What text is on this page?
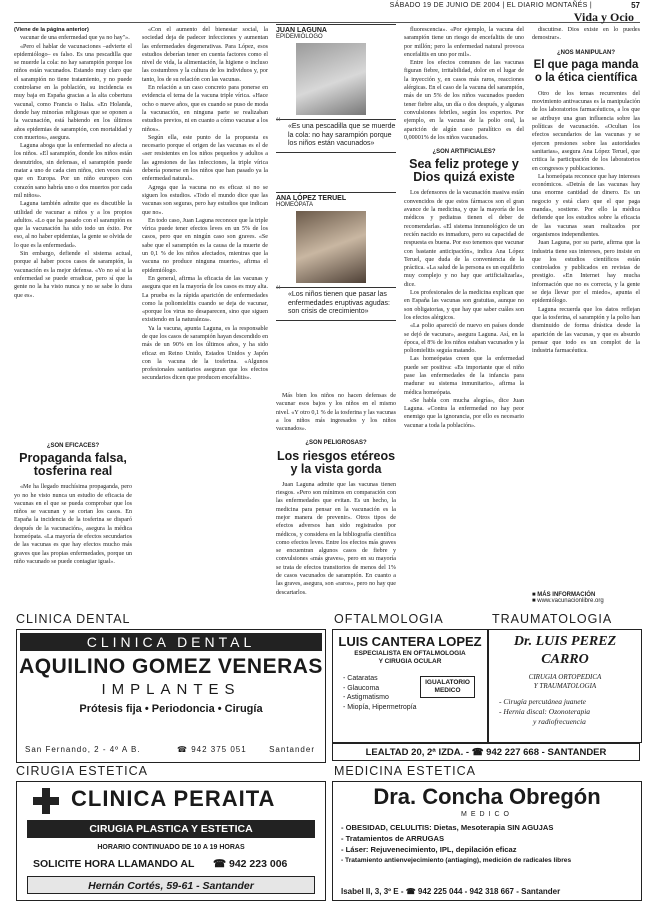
SÁBADO 19 DE JUNIO DE 2004 | EL DIARIO MONTAÑÉS |	57
Vida y Ocio
(Viene de la página anterior)

vacunar de una enfermedad que ya no hay"».

«Pero el hablar de vacunaciones –advierte el epidemiólogo– es falso. Es una pescadilla que se muerde la cola: no hay sarampión porque los niños están vacunados. Estando muy claro que el sarampión no tiene tratamiento, y no puede controlarse en la población, su incidencia es muy baja en España gracias a la alta cobertura vacunal, como Francia o Italia. «En Holanda, donde hay minorías religiosas que se oponen a la vacunación, está habiendo en los últimos años epidemias de sarampión, con mortalidad y con muertos», asegura.

Laguna aboga que la enfermedad no afecta a los niños. «El sarampión, donde los niños están desnutridos, sin defensas, el sarampión puede matar a uno de cada cien niños, cien veces más que en Europa. Por un niño europeo con corazón sano habría uno o dos muertos por cada mil niños».

Laguna también admite que es discutible la utilidad de vacunar a niños y a los propios adultos. «Lo que ha pasado con el sarampión es que la vacunación ha sido todo un éxito. Por eso, al no haber epidemias, la gente se olvida de lo que es la enfermedad».

Sin embargo, defiende el sistema actual, porque al haber pocos casos de sarampión, la vacunación es la mejor defensa. «Yo no sé si la enfermedad se puede erradicar, pero sí que la gente no la ha visto nunca y no se sabe lo dura que es».

¿SON EFICACES?
Propaganda falsa, tosferina real

«Me ha llegado muchísima propaganda, pero yo no he visto nunca un estudio de eficacia de vacunas en el que se pueda comprobar que los niños se vacunan y se cortan los casos. En España la incidencia de la tosferina se disparó después de la vacunación», asegura la médica homeópata. «La mayoría de efectos secundarios de las vacunas es que hay efectos mucho más graves que las propias enfermedades, porque un niño vacunado se puede contagiar igual».

«Con el aumento del bienestar social, la sociedad deja de padecer infecciones y aumentan las enfermedades degenerativas. Para López, esos estudios deberían tener en cuenta factores como el nivel de vida, la alimentación, la higiene o incluso las costumbres y la cultura de los individuos y, por tanto, los de su relación con las vacunas.

En relación a un caso concreto para ponerse en evidencia el tema de la vacuna triple vírica. «Hace ocho o nueve años, que es cuando se puso de moda la vacunación, en ninguna parte se realizaban estudios previos, ni en cuanto a cómo vacunar a los niños».

Según ella, este punto de la propuesta es necesario porque el origen de las vacunas es el de «ser resistentes en los niños pequeños y adultos a las agresiones de las infecciones, la triple vírica debería ponerse en los niños que han pasado ya la enfermedad natural».

Agrega que la vacuna no es eficaz si no se siguen los estudios. «Todo el mundo dice que las vacunas son seguras, pero hay estudios que indican que no».

En todo caso, Juan Laguna reconoce que la triple vírica puede tener efectos leves en un 5% de los casos, pero que en ningún caso son graves. «Se sabe que el sarampión es la causa de la muerte de un 0,1 % de los niños afectados, mientras que la vacuna no produce ninguna muerte», afirma el epidemiólogo.

En general, afirma la eficacia de las vacunas y asegura que en la mayoría de los casos es muy alta. La prueba es la rápida aparición de enfermedades como la poliomielitis cuando se deja de vacunar, «porque los virus no desaparecen, sino que siguen existiendo en la naturaleza».

Ya la vacuna, apunta Laguna, es la responsable de que los casos de sarampión hayan descendido en más de un 90% en los últimos años, y ha sido eficaz en Reino Unido, Estados Unidos y Japón con la vacuna de la tosferina. «Algunos profesionales sanitarios aseguran que los efectos secundarios dicen que producen encefalitis».

JUAN LAGUNA
EPIDEMIÓLOGO
“ «Es una pescadilla que se muerde la cola: no hay sarampión porque los niños están vacunados»
ANA LÓPEZ TERUEL
HOMEÓPATA
“ «Los niños tienen que pasar las enfermedades eruptivas agudas: son crisis de crecimiento»

Más bien los niños no hacen defensas de vacunar esos bajos y los niños en el mismo nivel. «Y otro 0,1 % de la tosferina y las vacunas a los niños más ingresados y los niños vacunados».

¿SON PELIGROSAS?
Los riesgos etéreos y la vista gorda

Juan Laguna admite que las vacunas tienen riesgos. «Pero son mínimos en comparación con las enfermedades que evitan. Es un hecho, la medicina para pensar en la vacunación es la mejor manera de prevenir». Otros tipos de efectos adversos han sido registrados por médicos, y considera en la bibliografía científica como efectos leves. Entre los efectos más graves se encuentran algunos casos de fiebre y convulsiones «más graves», pero en su mayoría se trata de efectos transitorios de menos del 1% de casos vacunados de sarampión. En cuanto a las graves, asegura, son «raros», pero no hay que descartarlos.

fluorescencia». «Por ejemplo, la vacuna del sarampión tiene un riesgo de encefalitis de uno por millón; pero la enfermedad natural provoca encefalitis en uno por mil».

Entre los efectos comunes de las vacunas figuran fiebre, irritabilidad, dolor en el lugar de la inyección y, en casos más raros, reacciones alérgicas. En el caso de la vacuna del sarampión, más de un 5% de los niños vacunados pueden tener fiebre alta, un día o dos después, y algunas convulsiones febriles, según los expertos. Por ejemplo, en la vacuna de la polio oral, la aparición de algún caso paralítico es del 0,00001% de los niños vacunados.

¿SON ARTIFICIALES?
Sea feliz protege y Dios quizá existe

Los defensores de la vacunación masiva están convencidos de que estos fármacos son el gran avance de la medicina, y que la mayoría de los médicos y pediatras tienen el deber de recomendarlas. «El sistema inmunológico de un recién nacido es inmaduro, pero su capacidad de respuesta es buena. Por eso tenemos que vacunar con bastante anticipación», indica Ana López Teruel, que duda de la conveniencia de la práctica. «La salud de la persona es un equilibrio muy complejo y no hay que artificializarla», dice.

Los profesionales de la medicina explican que en España las vacunas son gratuitas, aunque no son obligatorias, y que hay que saber cuáles son los efectos alérgicos.

«La polio apareció de nuevo en países donde se dejó de vacunar», asegura Laguna. Así, en la época, el 8% de los niños estaban vacunados y la poliomielitis seguía matando.

Las homeópatas creen que la enfermedad puede ser positiva: «Es importante que el niño pase las enfermedades de la infancia para madurar su sistema inmunitario», afirma la médica homeópata.

«Se habla con mucha alegría», dice Juan Laguna. «Contra la enfermedad no hay peor enemigo que la ignorancia, por ello es necesario vacunar a toda la población».

discutirse. Dios existe en lo puedes demostrar».

¿NOS MANIPULAN?
El que paga manda o la ética científica

Otro de los temas recurrentes del movimiento antivacunas es la manipulación de los laboratorios farmacéuticos, a los que se atribuye una gran influencia sobre las políticas de vacunación. «Ocultan los efectos secundarios de las vacunas y se ejercen presiones sobre las autoridades sanitarias», asegura Ana López Teruel, que critica la participación de los laboratorios en congresos y publicaciones.

La homeópata reconoce que hay intereses económicos. «Detrás de las vacunas hay una enorme cantidad de dinero. Es un negocio y está claro que el que paga manda», sostiene. Por ello la médica defiende que los estudios sobre la eficacia de las vacunas sean realizados por organismos independientes.

Juan Laguna, por su parte, afirma que la industria tiene sus intereses, pero insiste en que los estudios científicos están controlados y publicados en revistas de prestigio. «En Internet hay mucha información que no es correcta, y la gente se deja llevar por el miedo», apunta el epidemiólogo.

Laguna recuerda que los datos reflejan que la tosferina, el sarampión y la polio han disminuido de forma drástica desde la aparición de las vacunas, y que es absurdo pensar que todo es un complot de la industria farmacéutica.

■ MÁS INFORMACIÓN
■ www.vacunacionlibre.org
CLINICA DENTAL	OFTALMOLOGIA	TRAUMATOLOGIA
CLINICA DENTAL
AQUILINO GOMEZ VENERAS
IMPLANTES
Prótesis fija • Periodoncia • Cirugía
San Fernando, 2 - 4º A B.	☎ 942 375 051	Santander
LUIS CANTERA LOPEZ
ESPECIALISTA EN OFTALMOLOGIA
Y CIRUGIA OCULAR
- Cataratas
- Glaucoma
- Astigmatismo
- Miopía, Hipermetropía
IGUALATORIO
MEDICO
Dr. LUIS PEREZ CARRO
CIRUGIA ORTOPEDICA
Y TRAUMATOLOGIA
- Cirugía percutánea juanete
- Hernia discal: Ozonoterapia
y radiofrecuencia
LEALTAD 20, 2ª IZDA. - ☎ 942 227 668 - SANTANDER
CIRUGIA ESTETICA	MEDICINA ESTETICA
CLINICA PERAITA
CIRUGIA PLASTICA Y ESTETICA
HORARIO CONTINUADO DE 10 A 19 HORAS
SOLICITE HORA LLAMANDO AL ☎ 942 223 006
Hernán Cortés, 59-61 - Santander
Dra. Concha Obregón
MEDICO
- OBESIDAD, CELULITIS: Dietas, Mesoterapia SIN AGUJAS
- Tratamientos de ARRUGAS
- Láser: Rejuvenecimiento, IPL, depilación eficaz
- Tratamiento antienvejecimiento (antiaging), medición de radicales libres
Isabel II, 3, 3º E - ☎ 942 225 044 - 942 318 667 - Santander
